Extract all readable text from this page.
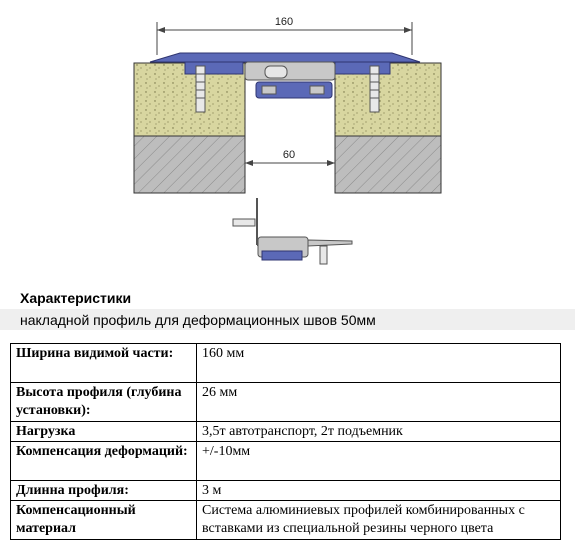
160
60
Характеристики
накладной профиль для деформационных швов 50мм
Ширина видимой части:	160 мм
Высота профиля (глубина установки):	26 мм
Нагрузка	3,5т автотранспорт, 2т подъемник
Компенсация деформаций:	+/-10мм
Длинна профиля:	3 м
Компенсационный материал	Система алюминиевых профилей комбинированных с вставками из специальной резины черного цвета
